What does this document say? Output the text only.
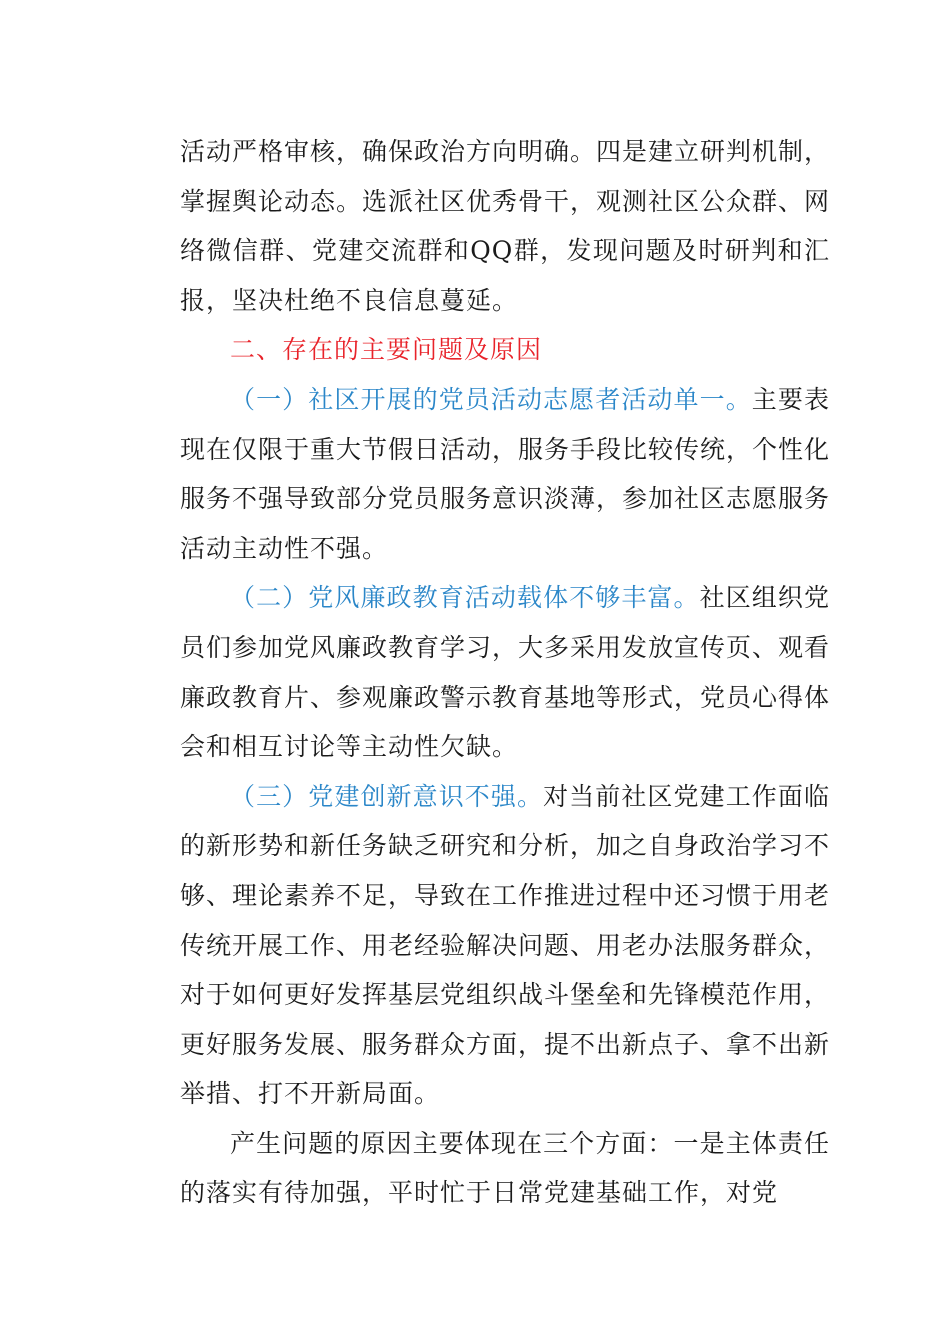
活动严格审核，确保政治方向明确。四是建立研判机制，掌握舆论动态。选派社区优秀骨干，观测社区公众群、网络微信群、党建交流群和QQ群，发现问题及时研判和汇报，坚决杜绝不良信息蔓延。

二、存在的主要问题及原因

（一）社区开展的党员活动志愿者活动单一。主要表现在仅限于重大节假日活动，服务手段比较传统，个性化服务不强导致部分党员服务意识淡薄，参加社区志愿服务活动主动性不强。

（二）党风廉政教育活动载体不够丰富。社区组织党员们参加党风廉政教育学习，大多采用发放宣传页、观看廉政教育片、参观廉政警示教育基地等形式，党员心得体会和相互讨论等主动性欠缺。

（三）党建创新意识不强。对当前社区党建工作面临的新形势和新任务缺乏研究和分析，加之自身政治学习不够、理论素养不足，导致在工作推进过程中还习惯于用老传统开展工作、用老经验解决问题、用老办法服务群众，对于如何更好发挥基层党组织战斗堡垒和先锋模范作用，更好服务发展、服务群众方面，提不出新点子、拿不出新举措、打不开新局面。

产生问题的原因主要体现在三个方面：一是主体责任的落实有待加强，平时忙于日常党建基础工作，对党
